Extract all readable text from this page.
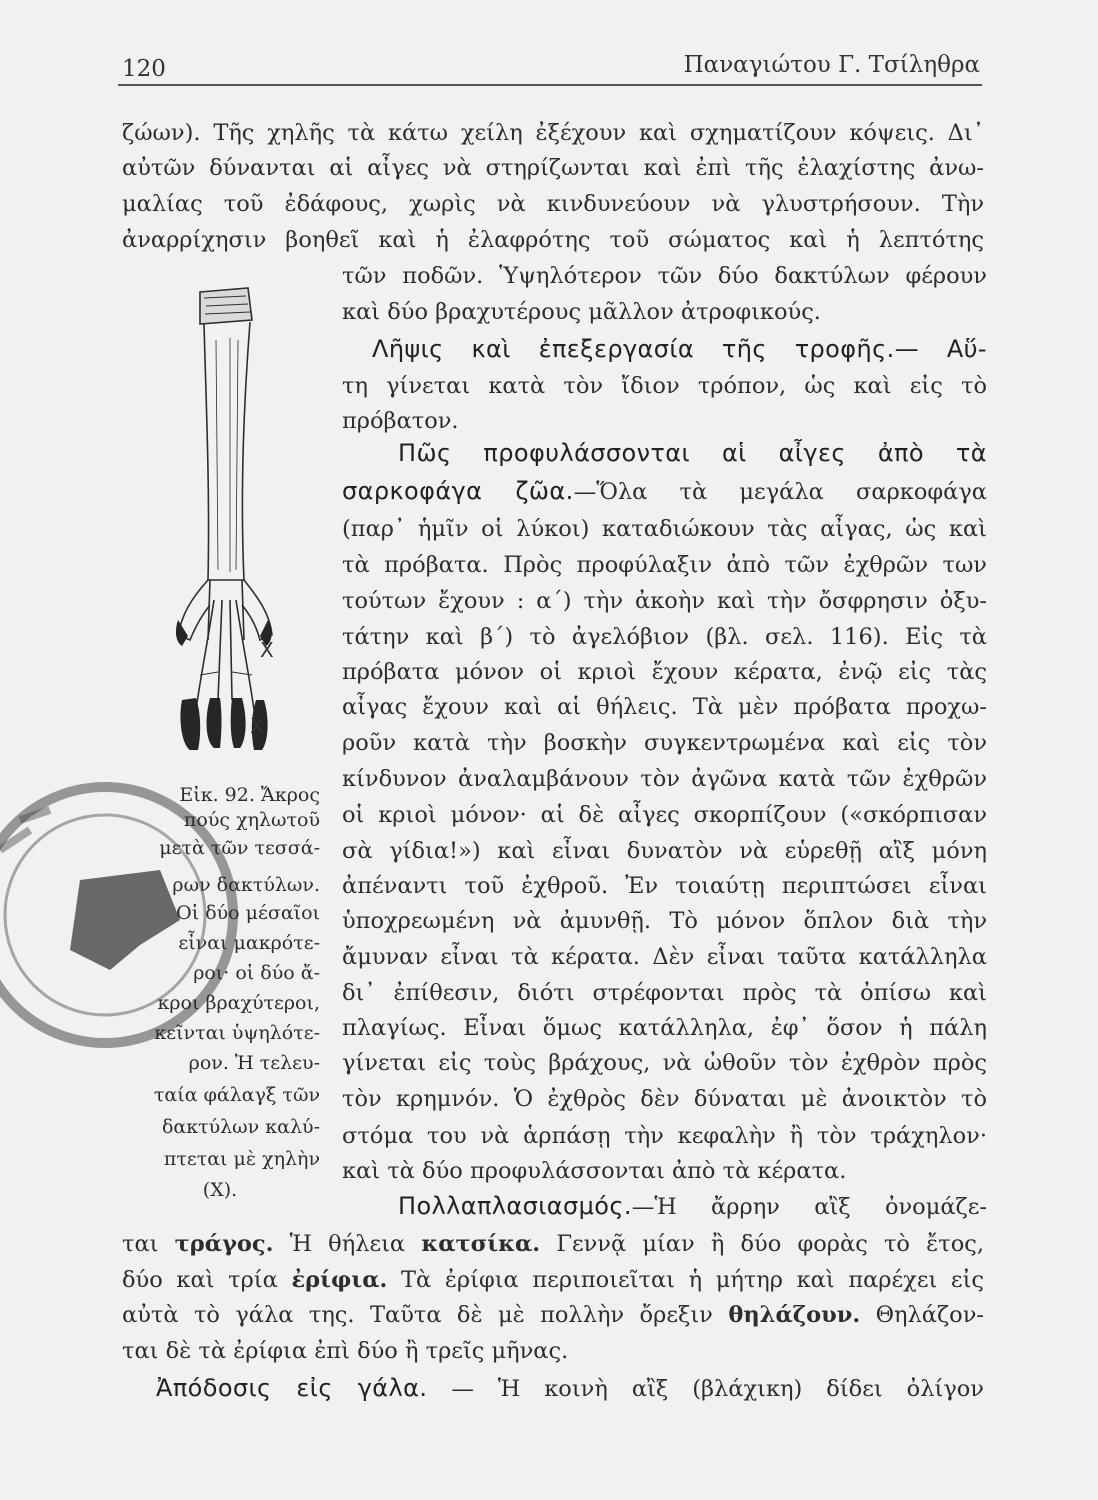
120	Παναγιώτου Γ. Τσίληθρα
ζώων). Τῆς χηλῆς τὰ κάτω χείλη ἐξέχουν καὶ σχηματίζουν κόψεις. Δι᾿
αὐτῶν δύνανται αἱ αἶγες νὰ στηρίζωνται καὶ ἐπὶ τῆς ἐλαχίστης ἀνω-
μαλίας τοῦ ἐδάφους, χωρὶς νὰ κινδυνεύουν νὰ γλυστρήσουν. Τὴν
ἀναρρίχησιν βοηθεῖ καὶ ἡ ἐλαφρότης τοῦ σώματος καὶ ἡ λεπτότης
τῶν ποδῶν. Ὑψηλότερον τῶν δύο δακτύλων φέρουν
καὶ δύο βραχυτέρους μᾶλλον ἀτροφικούς.
Λῆψις καὶ ἐπεξεργασία τῆς τροφῆς.— Αὕ-
τη γίνεται κατὰ τὸν ἴδιον τρόπον, ὡς καὶ εἰς τὸ
πρόβατον.
Πῶς προφυλάσσονται αἱ αἶγες ἀπὸ τὰ
σαρκοφάγα ζῶα.—Ὅλα τὰ μεγάλα σαρκοφάγα
(παρ᾿ ἡμῖν οἱ λύκοι) καταδιώκουν τὰς αἶγας, ὡς καὶ
τὰ πρόβατα. Πρὸς προφύλαξιν ἀπὸ τῶν ἐχθρῶν των
τούτων ἔχουν : α΄) τὴν ἀκοὴν καὶ τὴν ὄσφρησιν ὀξυ-
τάτην καὶ β΄) τὸ ἀγελόβιον (βλ. σελ. 116). Εἰς τὰ
πρόβατα μόνον οἱ κριοὶ ἔχουν κέρατα, ἐνῷ εἰς τὰς
αἶγας ἔχουν καὶ αἱ θήλεις. Τὰ μὲν πρόβατα προχω-
ροῦν κατὰ τὴν βοσκὴν συγκεντρωμένα καὶ εἰς τὸν
κίνδυνον ἀναλαμβάνουν τὸν ἀγῶνα κατὰ τῶν ἐχθρῶν
οἱ κριοὶ μόνον· αἱ δὲ αἶγες σκορπίζουν («σκόρπισαν
σὰ γίδια!») καὶ εἶναι δυνατὸν νὰ εὑρεθῇ αἲξ μόνη
ἀπέναντι τοῦ ἐχθροῦ. Ἐν τοιαύτῃ περιπτώσει εἶναι
ὑποχρεωμένη νὰ ἀμυνθῇ. Τὸ μόνον ὅπλον διὰ τὴν
ἄμυναν εἶναι τὰ κέρατα. Δὲν εἶναι ταῦτα κατάλληλα
δι᾿ ἐπίθεσιν, διότι στρέφονται πρὸς τὰ ὀπίσω καὶ
πλαγίως. Εἶναι ὅμως κατάλληλα, ἐφ᾿ ὅσον ἡ πάλη
γίνεται εἰς τοὺς βράχους, νὰ ὠθοῦν τὸν ἐχθρὸν πρὸς
τὸν κρημνόν. Ὁ ἐχθρὸς δὲν δύναται μὲ ἀνοικτὸν τὸ
στόμα του νὰ ἁρπάσῃ τὴν κεφαλὴν ἢ τὸν τράχηλον·
καὶ τὰ δύο προφυλάσσονται ἀπὸ τὰ κέρατα.
Πολλαπλασιασμός.—Ἡ ἄρρην αἲξ ὀνομάζε-
ται τράγος. Ἡ θήλεια κατσίκα. Γεννᾷ μίαν ἢ δύο φορὰς τὸ ἔτος,
δύο καὶ τρία ἐρίφια. Τὰ ἐρίφια περιποιεῖται ἡ μήτηρ καὶ παρέχει εἰς
αὐτὰ τὸ γάλα της. Ταῦτα δὲ μὲ πολλὴν ὄρεξιν θηλάζουν. Θηλάζον-
ται δὲ τὰ ἐρίφια ἐπὶ δύο ἢ τρεῖς μῆνας.
Ἀπόδοσις εἰς γάλα. — Ἡ κοινὴ αἲξ (βλάχικη) δίδει ὀλίγον
Χ
Χ
Εἰκ. 92. Ἄκρος
πούς χηλωτοῦ
μετὰ τῶν τεσσά-
ρων δακτύλων.
Οἱ δύο μέσαῖοι
εἶναι μακρότε-
ροι· οἱ δύο ἄ-
κροι βραχύτεροι,
κεῖνται ὑψηλότε-
ρον. Ἡ τελευ-
ταία φάλαγξ τῶν
δακτύλων καλύ-
πτεται μὲ χηλὴν
(Χ).
